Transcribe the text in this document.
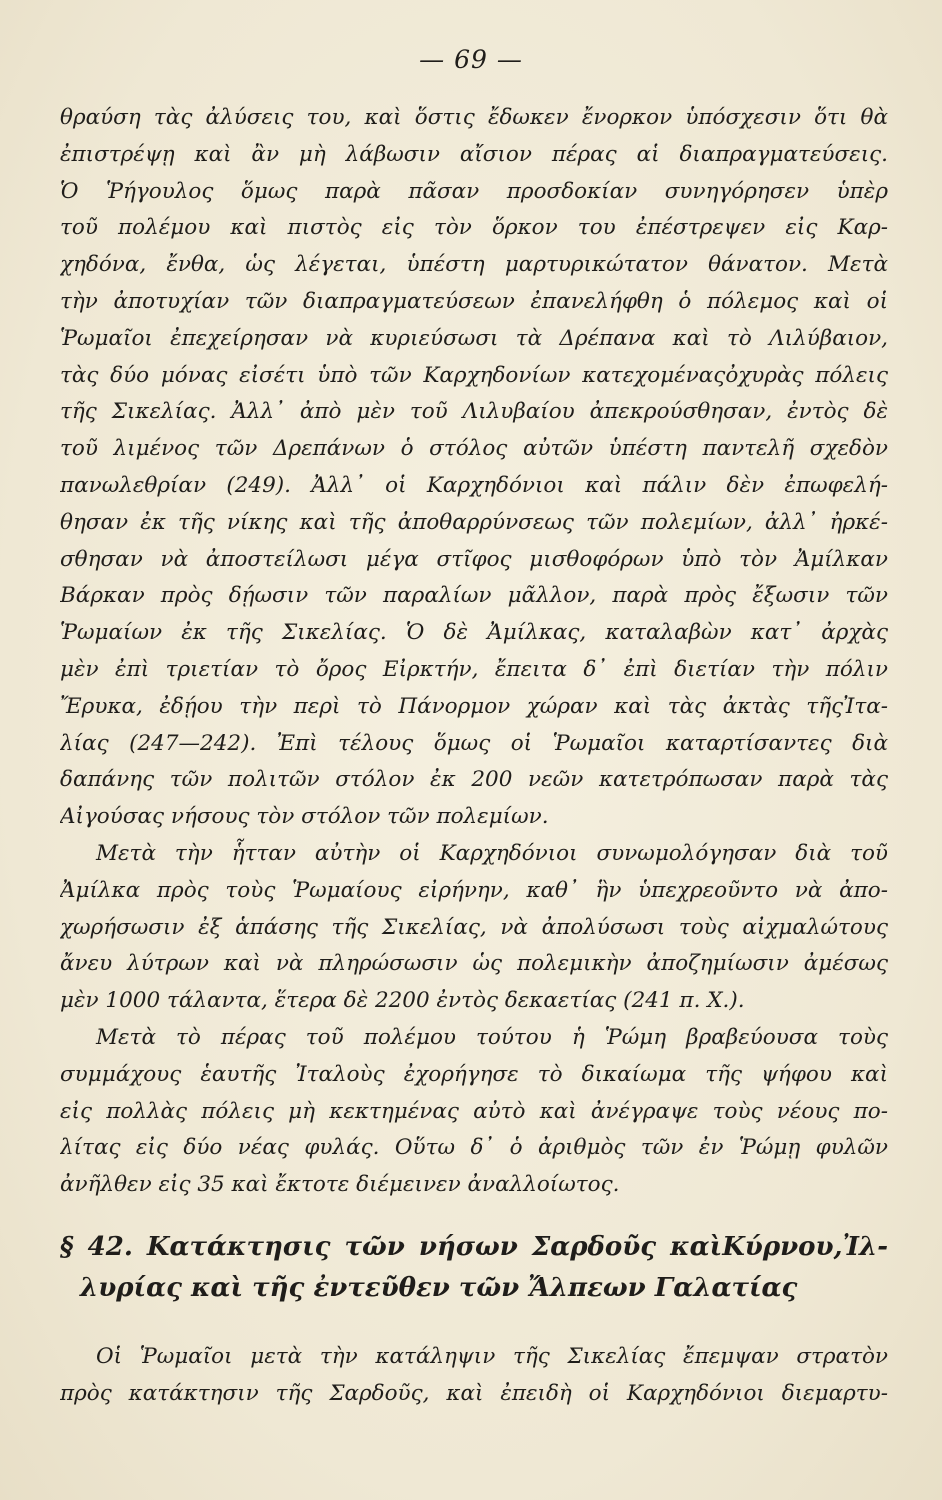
— 69 —
θραύση τὰς ἀλύσεις του, καὶ ὅστις ἔδωκεν ἔνορκον ὑπόσχεσιν ὅτι θὰ
ἐπιστρέψῃ καὶ ἂν μὴ λάβωσιν αἴσιον πέρας αἱ διαπραγματεύσεις.
Ὁ Ῥήγουλος ὅμως παρὰ πᾶσαν προσδοκίαν συνηγόρησεν ὑπὲρ
τοῦ πολέμου καὶ πιστὸς εἰς τὸν ὅρκον του ἐπέστρεψεν εἰς Καρ-
χηδόνα, ἔνθα, ὡς λέγεται, ὑπέστη μαρτυρικώτατον θάνατον. Μετὰ
τὴν ἀποτυχίαν τῶν διαπραγματεύσεων ἐπανελήφθη ὁ πόλεμος καὶ οἱ
Ῥωμαῖοι ἐπεχείρησαν νὰ κυριεύσωσι τὰ Δρέπανα καὶ τὸ Λιλύβαιον,
τὰς δύο μόνας εἰσέτι ὑπὸ τῶν Καρχηδονίων κατεχομέναςὀχυρὰς πόλεις
τῆς Σικελίας. Ἀλλ᾽ ἀπὸ μὲν τοῦ Λιλυβαίου ἀπεκρούσθησαν, ἐντὸς δὲ
τοῦ λιμένος τῶν Δρεπάνων ὁ στόλος αὐτῶν ὑπέστη παντελῆ σχεδὸν
πανωλεθρίαν (249). Ἀλλ᾽ οἱ Καρχηδόνιοι καὶ πάλιν δὲν ἐπωφελή-
θησαν ἐκ τῆς νίκης καὶ τῆς ἀποθαρρύνσεως τῶν πολεμίων, ἀλλ᾽ ἠρκέ-
σθησαν νὰ ἀποστείλωσι μέγα στῖφος μισθοφόρων ὑπὸ τὸν Ἀμίλκαν
Βάρκαν πρὸς δῄωσιν τῶν παραλίων μᾶλλον, παρὰ πρὸς ἔξωσιν τῶν
Ῥωμαίων ἐκ τῆς Σικελίας. Ὁ δὲ Ἀμίλκας, καταλαβὼν κατ᾽ ἀρχὰς
μὲν ἐπὶ τριετίαν τὸ ὄρος Εἰρκτήν, ἔπειτα δ᾽ ἐπὶ διετίαν τὴν πόλιν
Ἔρυκα, ἐδῄου τὴν περὶ τὸ Πάνορμον χώραν καὶ τὰς ἀκτὰς τῆςἸτα-
λίας (247—242). Ἐπὶ τέλους ὅμως οἱ Ῥωμαῖοι καταρτίσαντες διὰ
δαπάνης τῶν πολιτῶν στόλον ἐκ 200 νεῶν κατετρόπωσαν παρὰ τὰς
Αἰγούσας νήσους τὸν στόλον τῶν πολεμίων.
Μετὰ τὴν ἧτταν αὐτὴν οἱ Καρχηδόνιοι συνωμολόγησαν διὰ τοῦ
Ἀμίλκα πρὸς τοὺς Ῥωμαίους εἰρήνην, καθ᾽ ἣν ὑπεχρεοῦντο νὰ ἀπο-
χωρήσωσιν ἐξ ἁπάσης τῆς Σικελίας, νὰ ἀπολύσωσι τοὺς αἰχμαλώτους
ἄνευ λύτρων καὶ νὰ πληρώσωσιν ὡς πολεμικὴν ἀποζημίωσιν ἀμέσως
μὲν 1000 τάλαντα, ἕτερα δὲ 2200 ἐντὸς δεκαετίας (241 π. Χ.).
Μετὰ τὸ πέρας τοῦ πολέμου τούτου ἡ Ῥώμη βραβεύουσα τοὺς
συμμάχους ἑαυτῆς Ἰταλοὺς ἐχορήγησε τὸ δικαίωμα τῆς ψήφου καὶ
εἰς πολλὰς πόλεις μὴ κεκτημένας αὐτὸ καὶ ἀνέγραψε τοὺς νέους πο-
λίτας εἰς δύο νέας φυλάς. Οὕτω δ᾽ ὁ ἀριθμὸς τῶν ἐν Ῥώμῃ φυλῶν
ἀνῆλθεν εἰς 35 καὶ ἔκτοτε διέμεινεν ἀναλλοίωτος.
§ 42. Κατάκτησις τῶν νήσων Σαρδοῦς καὶΚύρνου,Ἰλ-
λυρίας καὶ τῆς ἐντεῦθεν τῶν Ἄλπεων Γαλατίας
Οἱ Ῥωμαῖοι μετὰ τὴν κατάληψιν τῆς Σικελίας ἔπεμψαν στρατὸν
πρὸς κατάκτησιν τῆς Σαρδοῦς, καὶ ἐπειδὴ οἱ Καρχηδόνιοι διεμαρτυ-
